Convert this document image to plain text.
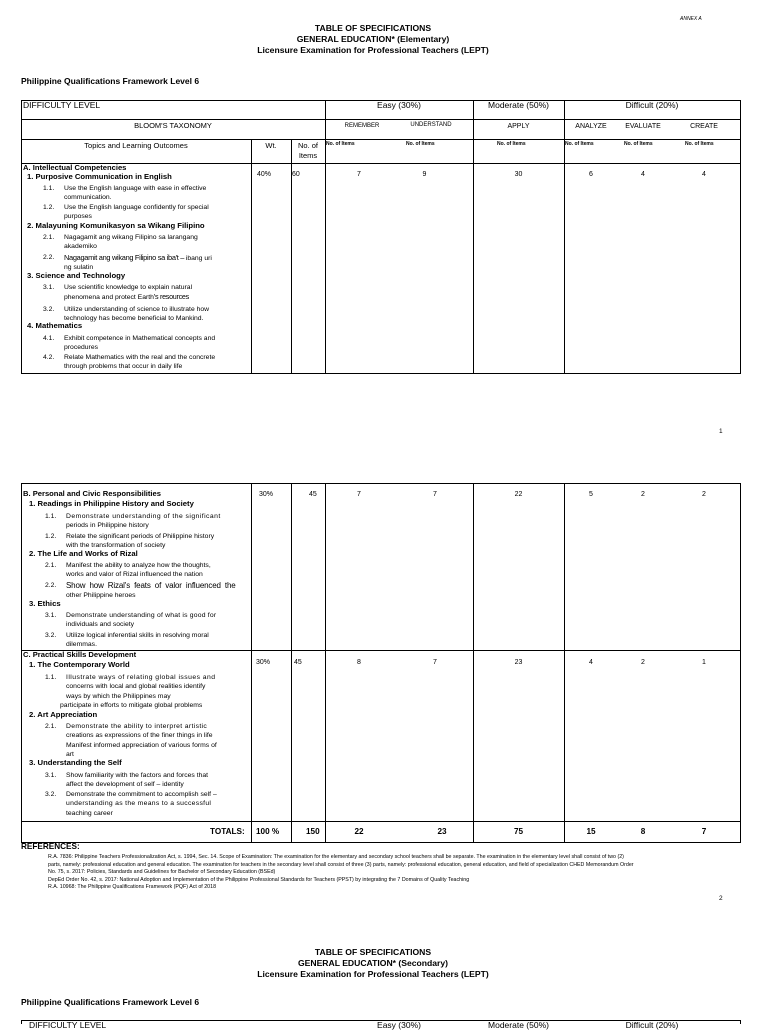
ANNEX A
TABLE OF SPECIFICATIONS
GENERAL EDUCATION* (Elementary)
Licensure Examination for Professional Teachers (LEPT)
Philippine Qualifications Framework Level 6
DIFFICULTY LEVEL	Easy (30%)	Moderate (50%)	Difficult (20%)
BLOOM'S TAXONOMY	REMEMBER	UNDERSTAND	APPLY	ANALYZE	EVALUATE	CREATE
Topics and Learning Outcomes	Wt.	No. of
Items
No. of Items	No. of Items	No. of Items	No. of Items	No. of Items	No. of Items
A. Intellectual Competencies
40%	60	7	9	30	6	4	4
1. Purposive Communication in English
1.1. Use the English language with ease in effective
communication.
1.2. Use the English language confidently for special
purposes
2. Malayuning Komunikasyon sa Wikang Filipino
2.1. Nagagamit ang wikang Filipino sa larangang
akademiko
2.2. Nagagamit ang wikang Filipino sa iba't – ibang uri
ng sulatin
3. Science and Technology
3.1. Use scientific knowledge to explain natural
phenomena and protect Earth's resources
3.2. Utilize understanding of science to illustrate how
technology has become beneficial to Mankind.
4. Mathematics
4.1. Exhibit competence in Mathematical concepts and
procedures
4.2. Relate Mathematics with the real and the concrete
through problems that occur in daily life
1
B. Personal and Civic Responsibilities	30%	45	7	7	22	5	2	2
1. Readings in Philippine History and Society
1.1. Demonstrate understanding of the significant
periods in Philippine history
1.2. Relate the significant periods of Philippine history
with the transformation of society
2. The Life and Works of Rizal
2.1. Manifest the ability to analyze how the thoughts,
works and valor of Rizal influenced the nation
2.2. Show how Rizal's feats of valor influenced the
other Philippine heroes
3. Ethics
3.1. Demonstrate understanding of what is good for
individuals and society
3.2. Utilize logical inferential skills in resolving moral
dilemmas.
C. Practical Skills Development
30%	45	8	7	23	4	2	1
1. The Contemporary World
1.1. Illustrate ways of relating global issues and
concerns with local and global realities identify
ways by which the Philippines may
participate in efforts to mitigate global problems
2. Art Appreciation
2.1. Demonstrate the ability to interpret artistic
creations as expressions of the finer things in life
Manifest informed appreciation of various forms of
art
3. Understanding the Self
3.1. Show familiarity with the factors and forces that
affect the development of self – identity
3.2. Demonstrate the commitment to accomplish self –
understanding as the means to a successful
teaching career
TOTALS: 100 %	150	22	23	75	15	8	7
REFERENCES:
R.A. 7836: Philippine Teachers Professionalization Act, s. 1994, Sec. 14. Scope of Examination: The examination for the elementary and secondary school teachers shall be separate. The examination in the elementary level shall consist of two (2)
parts, namely: professional education and general education. The examination for teachers in the secondary level shall consist of three (3) parts, namely: professional education, general education, and field of specialization CHED Memorandum Order
No. 75, s. 2017: Policies, Standards and Guidelines for Bachelor of Secondary Education (BSEd)
DepEd Order No. 42, s. 2017: National Adoption and Implementation of the Philippine Professional Standards for Teachers (PPST) by integrating the 7 Domains of Quality Teaching
R.A. 10968: The Philippine Qualifications Framework (PQF) Act of 2018
2
TABLE OF SPECIFICATIONS
GENERAL EDUCATION* (Secondary)
Licensure Examination for Professional Teachers (LEPT)
Philippine Qualifications Framework Level 6
DIFFICULTY LEVEL	Easy (30%)	Moderate (50%)	Difficult (20%)
